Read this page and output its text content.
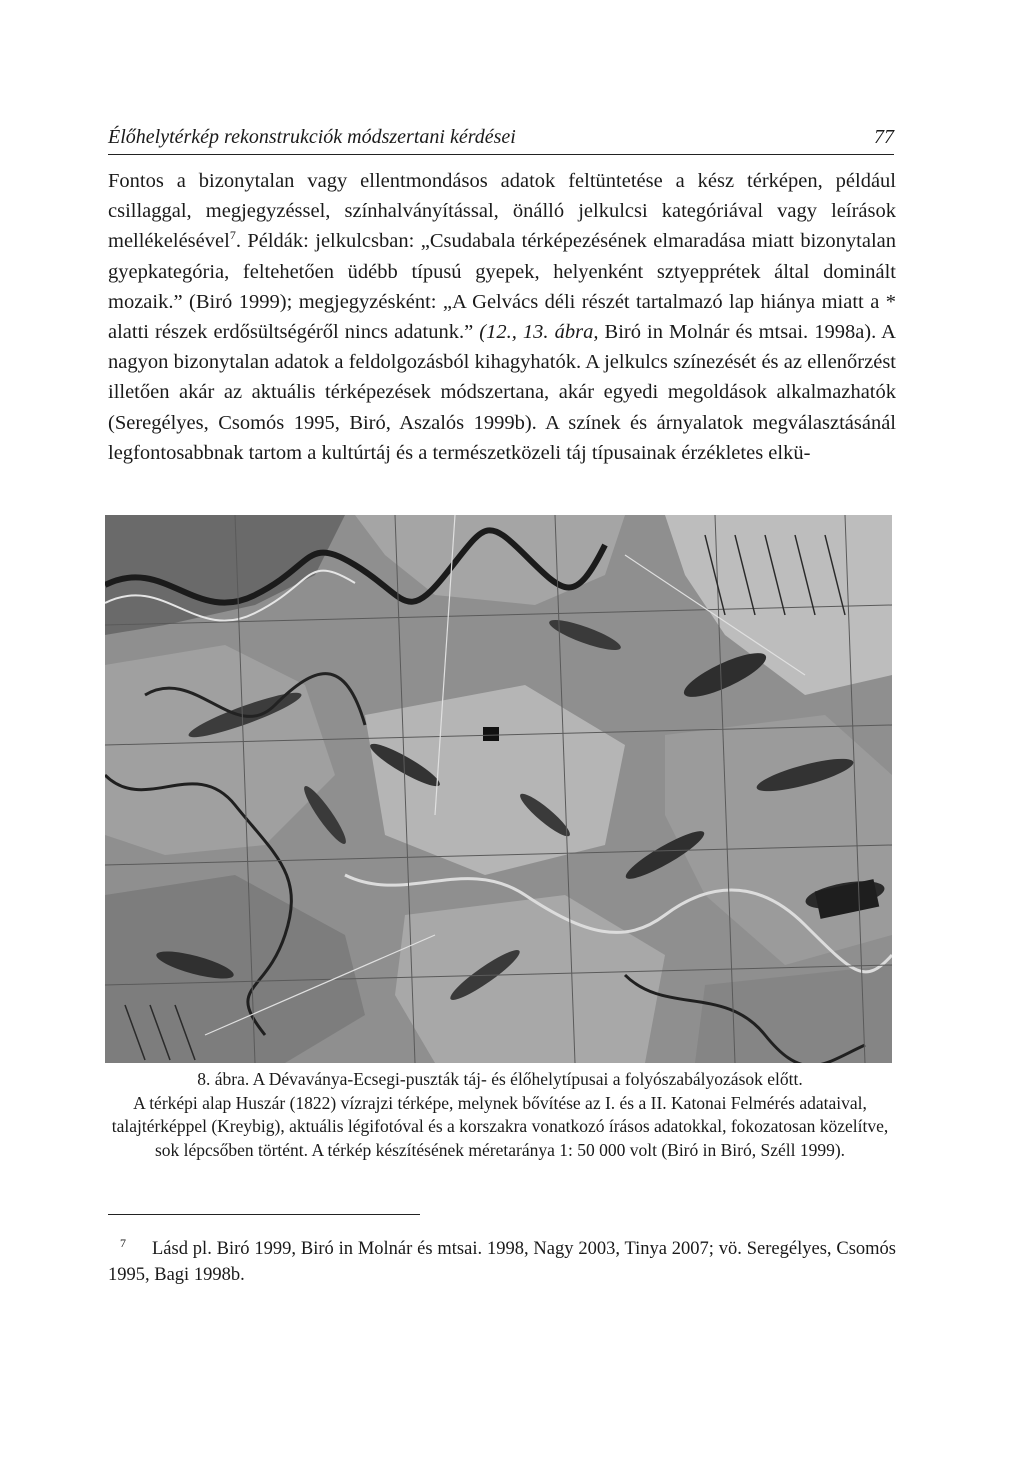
Élőhelytérkép rekonstrukciók módszertani kérdései	77

Fontos a bizonytalan vagy ellentmondásos adatok feltüntetése a kész térképen, például csillaggal, megjegyzéssel, színhalványítással, önálló jelkulcsi kategóriával vagy leírások mellékelésével$^7$. Példák: jelkulcsban: „Csudabala térképezésének elmaradása miatt bizonytalan gyepkategória, feltehetően üdébb típusú gyepek, helyenként sztyepprétek által dominált mozaik.” (Biró 1999); megjegyzésként: „A Gelvács déli részét tartalmazó lap hiánya miatt a * alatti részek erdősültségéről nincs adatunk.” (12., 13. ábra, Biró in Molnár és mtsai. 1998a). A nagyon bizonytalan adatok a feldolgozásból kihagyhatók. A jelkulcs színezését és az ellenőrzést illetően akár az aktuális térképezések módszertana, akár egyedi megoldások alkalmazhatók (Seregélyes, Csomós 1995, Biró, Aszalós 1999b). A színek és árnyalatok megválasztásánál legfontosabbnak tartom a kultúrtáj és a természetközeli táj típusainak érzékletes elkü-

8. ábra. A Dévaványa-Ecsegi-puszták táj- és élőhelytípusai a folyószabályozások előtt.
A térképi alap Huszár (1822) vízrajzi térképe, melynek bővítése az I. és a II. Katonai Felmérés adataival, talajtérképpel (Kreybig), aktuális légifotóval és a korszakra vonatkozó írásos adatokkal, fokozatosan közelítve, sok lépcsőben történt. A térkép készítésének méretaránya 1: 50 000 volt (Biró in Biró, Széll 1999).

$^7$ Lásd pl. Biró 1999, Biró in Molnár és mtsai. 1998, Nagy 2003, Tinya 2007; vö. Seregélyes, Csomós 1995, Bagi 1998b.
